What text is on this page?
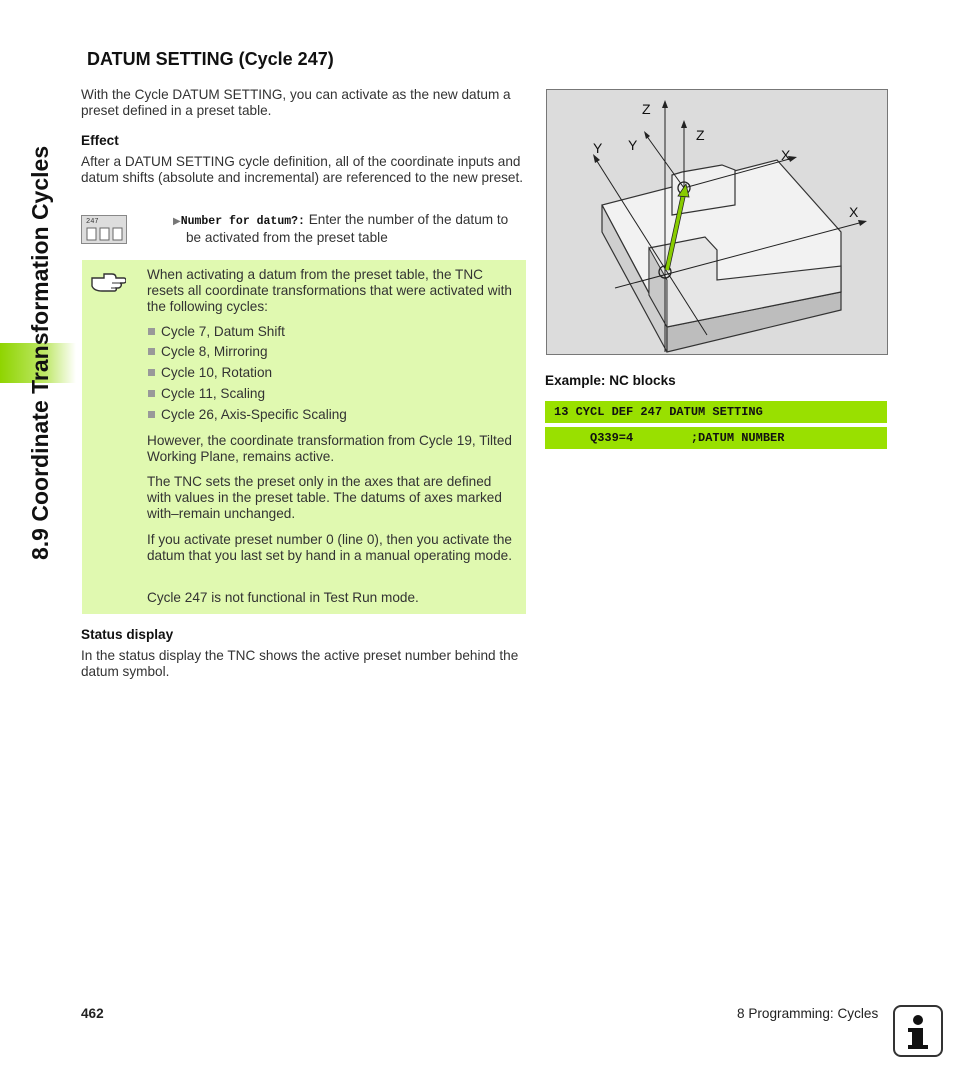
8.9 Coordinate Transformation Cycles
DATUM SETTING (Cycle 247)

With the Cycle DATUM SETTING, you can activate as the new datum a preset defined in a preset table.

Effect

After a DATUM SETTING cycle definition, all of the coordinate inputs and datum shifts (absolute and incremental) are referenced to the new preset.

247	▶Number for datum?: Enter the number of the datum to
be activated from the preset table

When activating a datum from the preset table, the TNC resets all coordinate transformations that were activated with the following cycles:

Cycle 7, Datum Shift
Cycle 8, Mirroring
Cycle 10, Rotation
Cycle 11, Scaling
Cycle 26, Axis-Specific Scaling

However, the coordinate transformation from Cycle 19, Tilted Working Plane, remains active.

The TNC sets the preset only in the axes that are defined with values in the preset table. The datums of axes marked with–remain unchanged.

If you activate preset number 0 (line 0), then you activate the datum that you last set by hand in a manual operating mode.

Cycle 247 is not functional in Test Run mode.

Status display

In the status display the TNC shows the active preset number behind the datum symbol.

Z
Y Y
Z
X
X
Example: NC blocks
13 CYCL DEF 247 DATUM SETTING
Q339=4        ;DATUM NUMBER
462	8 Programming: Cycles
